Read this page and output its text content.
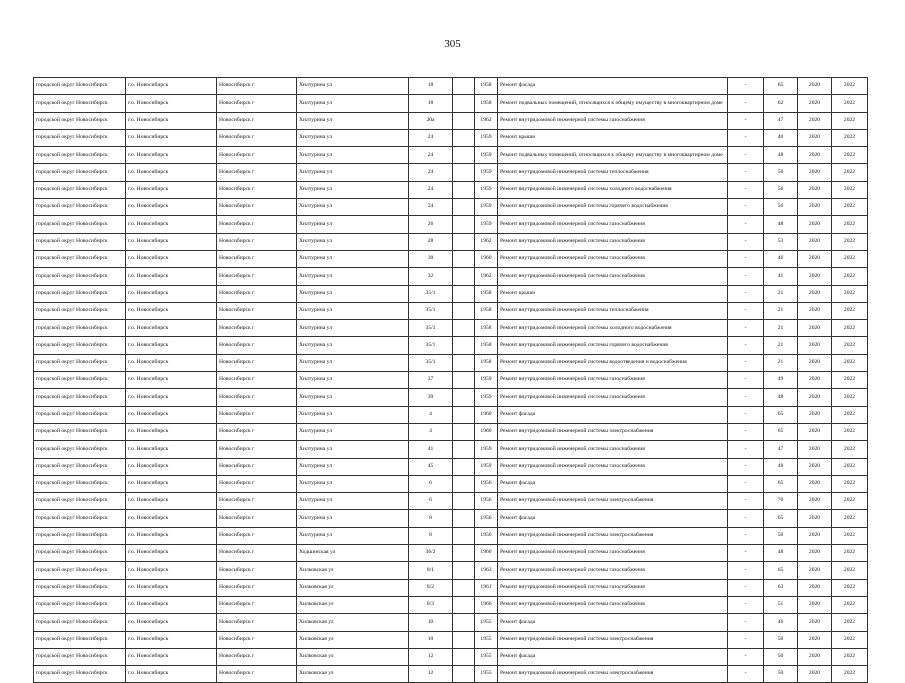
305
городской округ Новосибирск	г.о. Новосибирск	Новосибирск г	Хилтурина ул	18		1958	Ремонт фасада	-	65	2020	2022
городской округ Новосибирск	г.о. Новосибирск	Новосибирск г	Хилтурина ул	18		1958	Ремонт подвальных помещений, относящихся к общему имуществу в многоквартирном доме	-	62	2020	2022
городской округ Новосибирск	г.о. Новосибирск	Новосибирск г	Хилтурина ул	20а		1962	Ремонт внутридомовой инженерной системы газоснабжения	-	47	2020	2022
городской округ Новосибирск	г.о. Новосибирск	Новосибирск г	Хилтурина ул	24		1959	Ремонт крыши	-	40	2020	2022
городской округ Новосибирск	г.о. Новосибирск	Новосибирск г	Хилтурина ул	24		1959	Ремонт подвальных помещений, относящихся к общему имуществу в многоквартирном доме	-	48	2020	2022
городской округ Новосибирск	г.о. Новосибирск	Новосибирск г	Хилтурина ул	24		1959	Ремонт внутридомовой инженерной системы теплоснабжения	-	56	2020	2022
городской округ Новосибирск	г.о. Новосибирск	Новосибирск г	Хилтурина ул	24		1959	Ремонт внутридомовой инженерной системы холодного водоснабжения	-	56	2020	2022
городской округ Новосибирск	г.о. Новосибирск	Новосибирск г	Хилтурина ул	24		1959	Ремонт внутридомовой инженерной системы горячего водоснабжения	-	56	2020	2022
городской округ Новосибирск	г.о. Новосибирск	Новосибирск г	Хилтурина ул	26		1959	Ремонт внутридомовой инженерной системы газоснабжения	-	48	2020	2022
городской округ Новосибирск	г.о. Новосибирск	Новосибирск г	Хилтурина ул	28		1962	Ремонт внутридомовой инженерной системы газоснабжения	-	53	2020	2022
городской округ Новосибирск	г.о. Новосибирск	Новосибирск г	Хилтурина ул	30		1960	Ремонт внутридомовой инженерной системы газоснабжения	-	46	2020	2022
городской округ Новосибирск	г.о. Новосибирск	Новосибирск г	Хилтурина ул	32		1962	Ремонт внутридомовой инженерной системы газоснабжения	-	41	2020	2022
городской округ Новосибирск	г.о. Новосибирск	Новосибирск г	Хилтурина ул	35/1		1958	Ремонт крыши	-	21	2020	2022
городской округ Новосибирск	г.о. Новосибирск	Новосибирск г	Хилтурина ул	35/1		1958	Ремонт внутридомовой инженерной системы теплоснабжения	-	21	2020	2022
городской округ Новосибирск	г.о. Новосибирск	Новосибирск г	Хилтурина ул	35/1		1958	Ремонт внутридомовой инженерной системы холодного водоснабжения	-	21	2020	2022
городской округ Новосибирск	г.о. Новосибирск	Новосибирск г	Хилтурина ул	35/1		1958	Ремонт внутридомовой инженерной системы горячего водоснабжения	-	21	2020	2022
городской округ Новосибирск	г.о. Новосибирск	Новосибирск г	Хилтурина ул	35/1		1958	Ремонт внутридомовой инженерной системы водоотведения и водоснабжения	-	21	2020	2022
городской округ Новосибирск	г.о. Новосибирск	Новосибирск г	Хилтурина ул	37		1959	Ремонт внутридомовой инженерной системы газоснабжения	-	49	2020	2022
городской округ Новосибирск	г.о. Новосибирск	Новосибирск г	Хилтурина ул	39		1959	Ремонт внутридомовой инженерной системы газоснабжения	-	48	2020	2022
городской округ Новосибирск	г.о. Новосибирск	Новосибирск г	Хилтурина ул	4		1960	Ремонт фасада	-	65	2020	2022
городской округ Новосибирск	г.о. Новосибирск	Новосибирск г	Хилтурина ул	4		1960	Ремонт внутридомовой инженерной системы электроснабжения	-	65	2020	2022
городской округ Новосибирск	г.о. Новосибирск	Новосибирск г	Хилтурина ул	41		1959	Ремонт внутридомовой инженерной системы газоснабжения	-	47	2020	2022
городской округ Новосибирск	г.о. Новосибирск	Новосибирск г	Хилтурина ул	45		1959	Ремонт внутридомовой инженерной системы газоснабжения	-	48	2020	2022
городской округ Новосибирск	г.о. Новосибирск	Новосибирск г	Хилтурина ул	6		1956	Ремонт фасада	-	65	2020	2022
городской округ Новосибирск	г.о. Новосибирск	Новосибирск г	Хилтурина ул	6		1956	Ремонт внутридомовой инженерной системы электроснабжения	-	70	2020	2022
городской округ Новосибирск	г.о. Новосибирск	Новосибирск г	Хилтурина ул	8		1956	Ремонт фасада	-	65	2020	2022
городской округ Новосибирск	г.о. Новосибирск	Новосибирск г	Хилтурина ул	8		1956	Ремонт внутридомовой инженерной системы электроснабжения	-	50	2020	2022
городской округ Новосибирск	г.о. Новосибирск	Новосибирск г	Ходшинская ул	36/2		1960	Ремонт внутридомовой инженерной системы газоснабжения	-	48	2020	2022
городской округ Новосибирск	г.о. Новосибирск	Новосибирск г	Хилковская ул	8/1		1963	Ремонт внутридомовой инженерной системы газоснабжения	-	65	2020	2022
городской округ Новосибирск	г.о. Новосибирск	Новосибирск г	Хилковская ул	8/2		1961	Ремонт внутридомовой инженерной системы газоснабжения	-	63	2020	2022
городской округ Новосибирск	г.о. Новосибирск	Новосибирск г	Хилковская ул	8/3		1966	Ремонт внутридомовой инженерной системы газоснабжения	-	51	2020	2022
городской округ Новосибирск	г.о. Новосибирск	Новосибирск г	Хилковская ул	10		1955	Ремонт фасада	-	46	2020	2022
городской округ Новосибирск	г.о. Новосибирск	Новосибирск г	Хилковская ул	10		1955	Ремонт внутридомовой инженерной системы электроснабжения	-	50	2020	2022
городской округ Новосибирск	г.о. Новосибирск	Новосибирск г	Хилковская ул	12		1955	Ремонт фасада	-	50	2020	2022
городской округ Новосибирск	г.о. Новосибирск	Новосибирск г	Хилковская ул	12		1955	Ремонт внутридомовой инженерной системы электроснабжения	-	50	2020	2022
